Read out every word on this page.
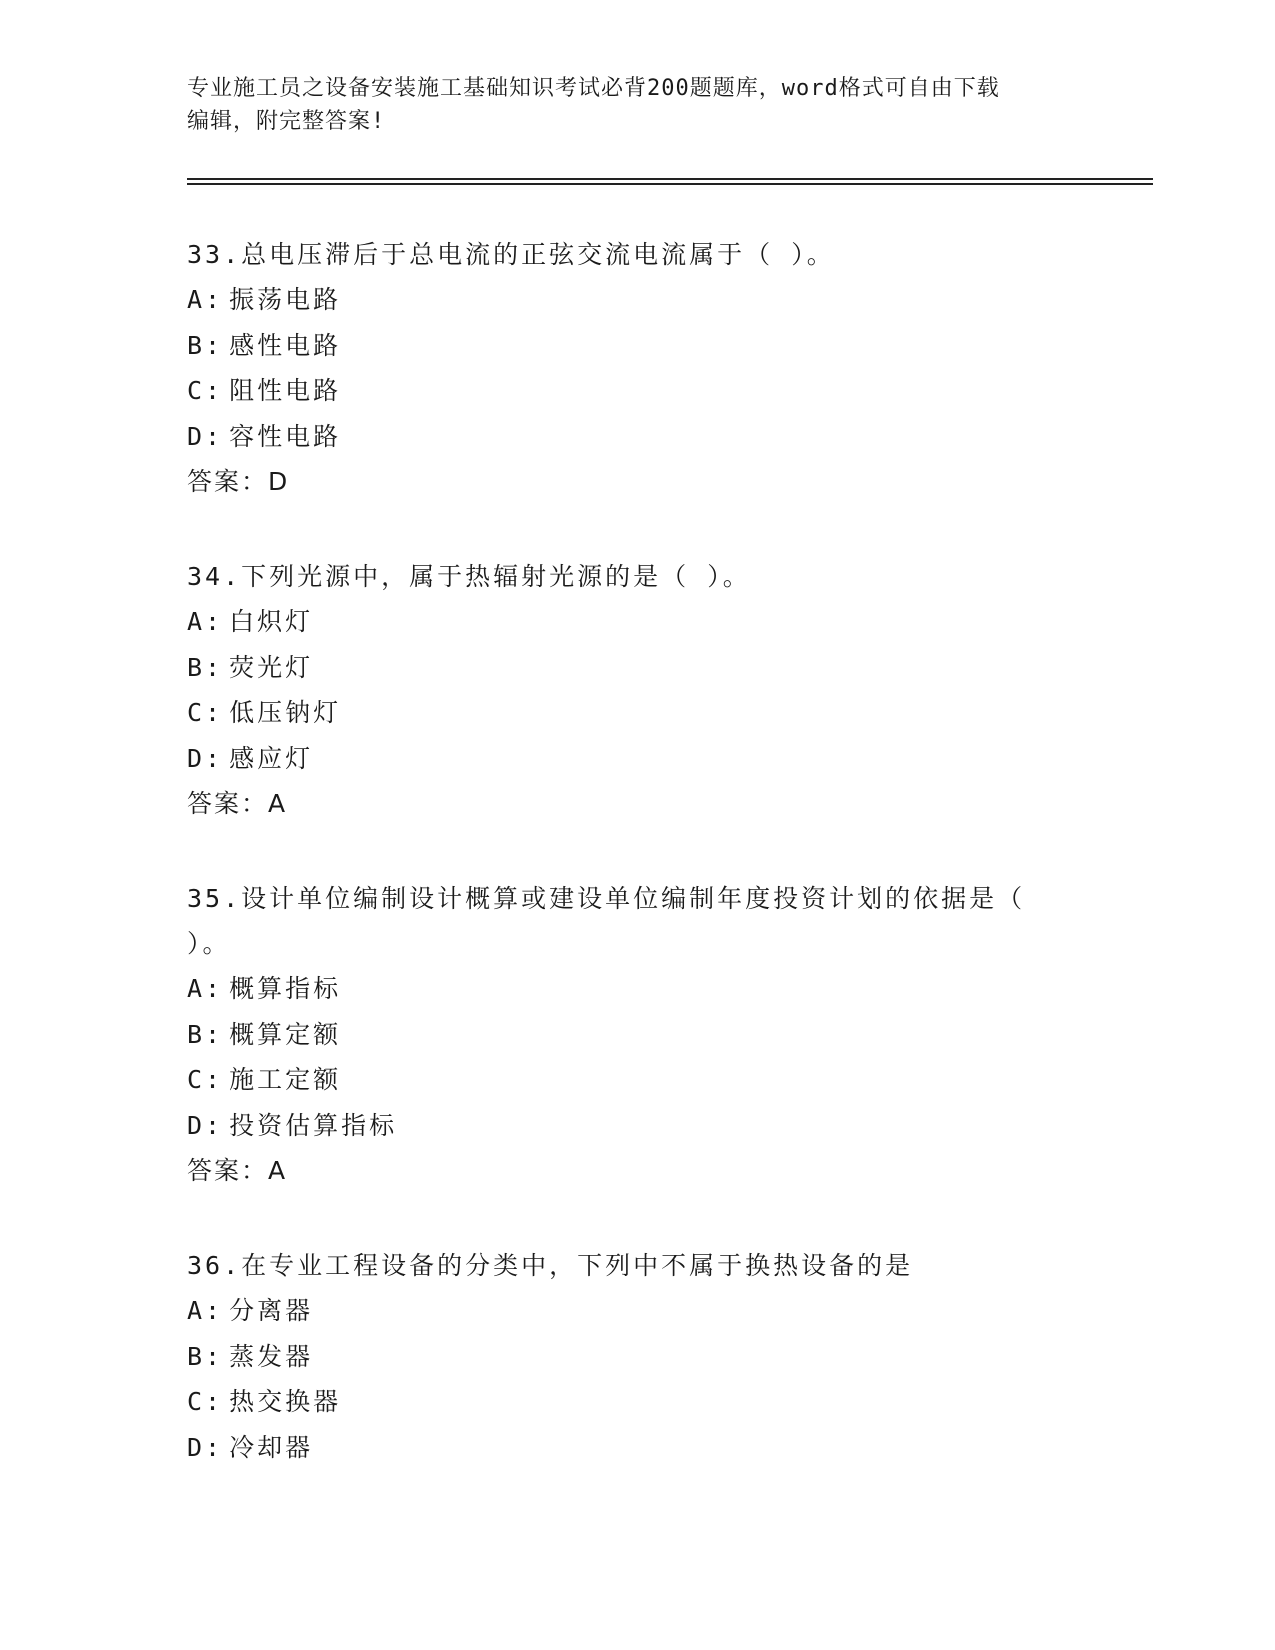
专业施工员之设备安装施工基础知识考试必背200题题库，word格式可自由下载
编辑，附完整答案!
33.总电压滞后于总电流的正弦交流电流属于（ ）。
A: 振荡电路
B: 感性电路
C: 阻性电路
D: 容性电路
答案：D
34.下列光源中，属于热辐射光源的是（ ）。
A: 白炽灯
B: 荧光灯
C: 低压钠灯
D: 感应灯
答案：A
35.设计单位编制设计概算或建设单位编制年度投资计划的依据是（
）。
A: 概算指标
B: 概算定额
C: 施工定额
D: 投资估算指标
答案：A
36.在专业工程设备的分类中，下列中不属于换热设备的是
A: 分离器
B: 蒸发器
C: 热交换器
D: 冷却器
